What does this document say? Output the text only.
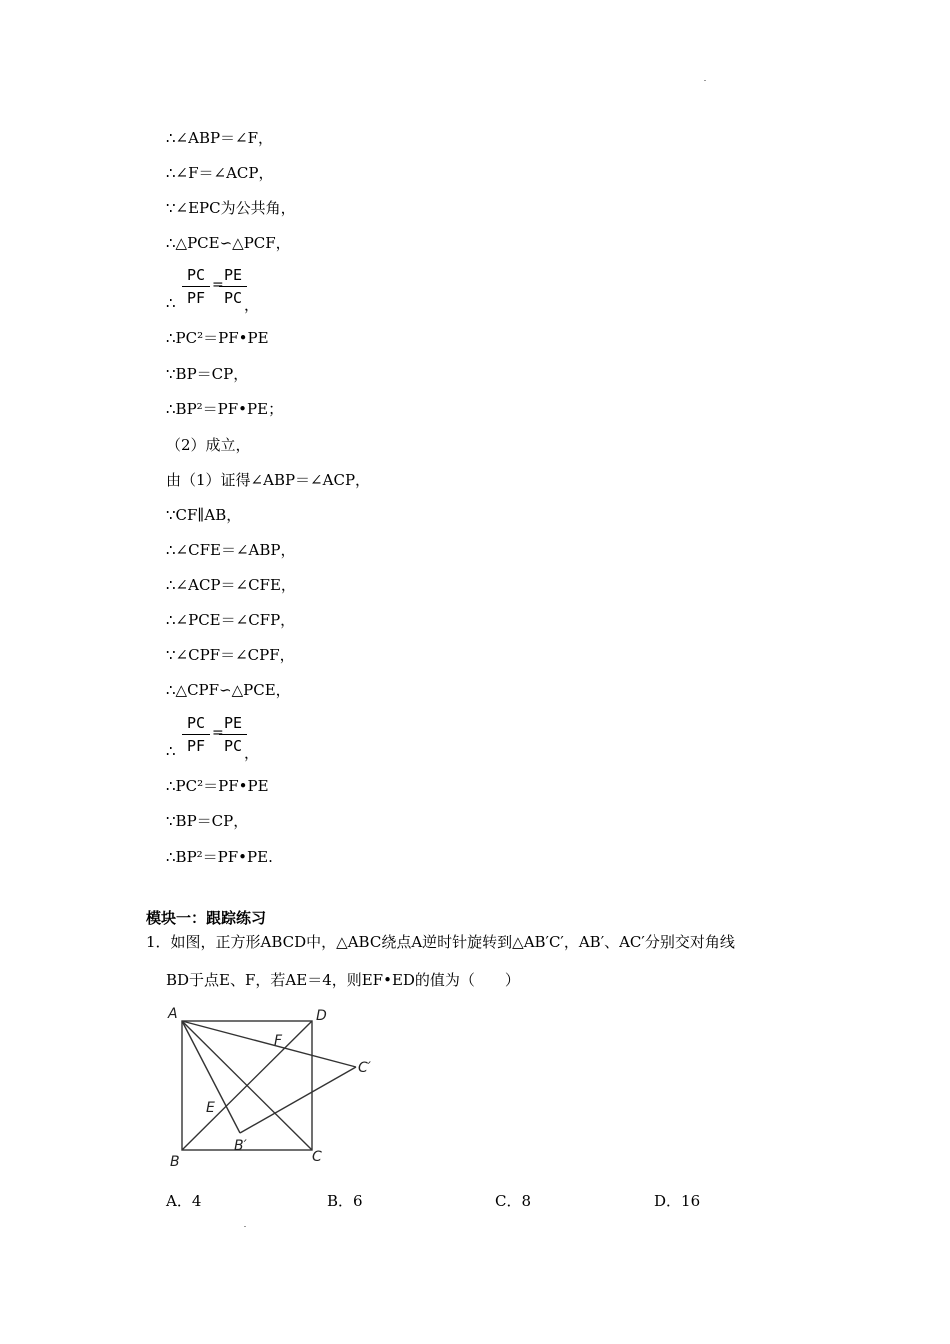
∴∠ABP＝∠F，
∴∠F＝∠ACP，
∵∠EPC为公共角，
∴△PCE∽△PCF，
∴
PC
PF
=
PE
PC ，
∴PC²＝PF•PE
∵BP＝CP，
∴BP²＝PF•PE；
（2）成立，
由（1）证得∠ABP＝∠ACP，
∵CF∥AB，
∴∠CFE＝∠ABP，
∴∠ACP＝∠CFE，
∴∠PCE＝∠CFP，
∵∠CPF＝∠CPF，
∴△CPF∽△PCE，
∴
PC
PF
=
PE
PC ，
∴PC²＝PF•PE
∵BP＝CP，
∴BP²＝PF•PE.
模块一：跟踪练习
1．如图，正方形ABCD中，△ABC绕点A逆时针旋转到△AB′C′，AB′、AC′分别交对角线
BD于点E、F，若AE＝4，则EF•ED的值为（　　）
A
B	C
D
E
F
B′
C′
A．4	B．6	C．8	D．16
